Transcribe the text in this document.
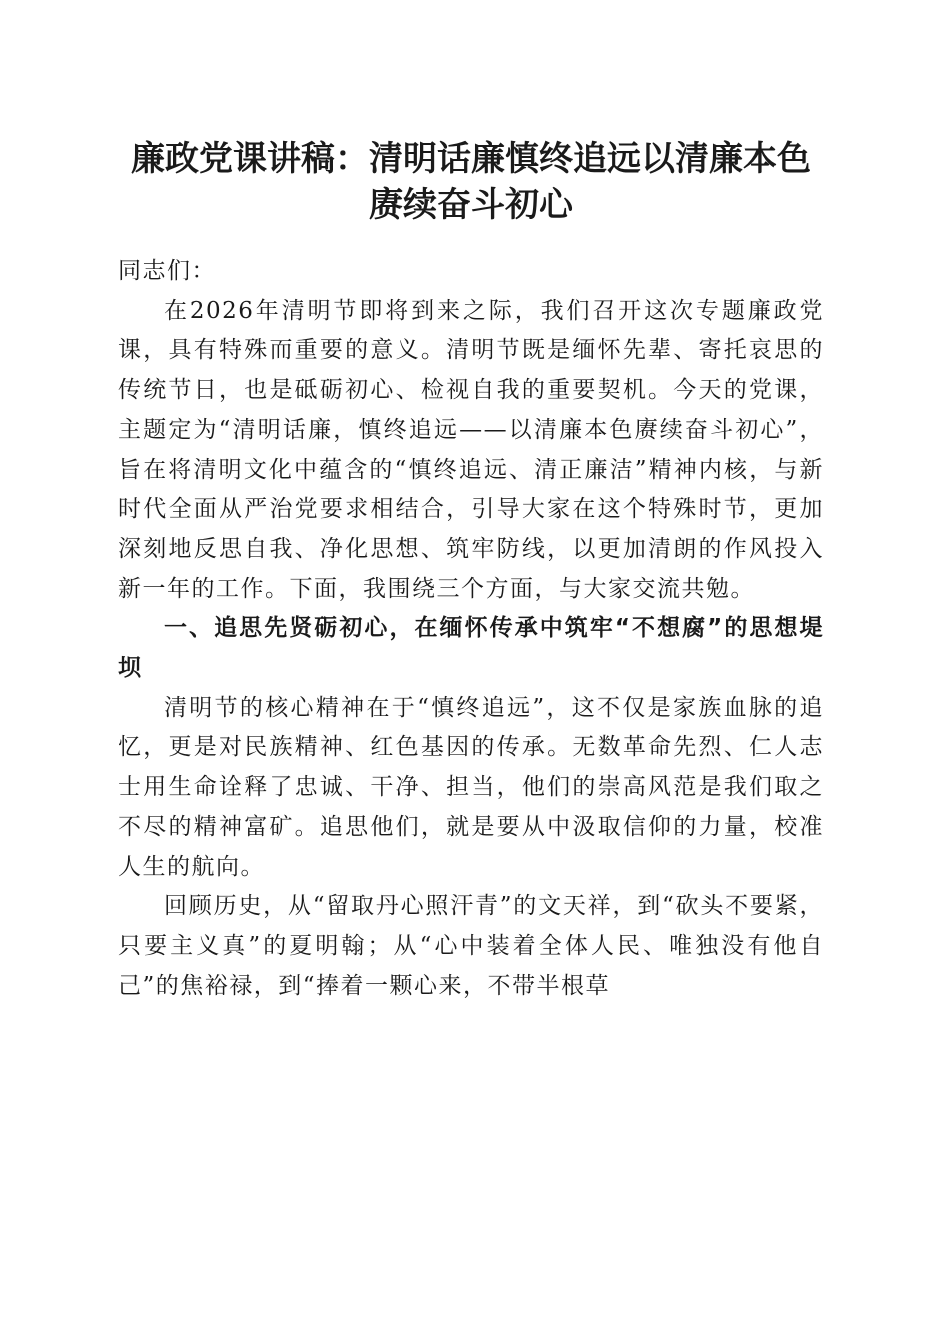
廉政党课讲稿：清明话廉慎终追远以清廉本色
赓续奋斗初心

同志们：

在2026年清明节即将到来之际，我们召开这次专题廉政党课，具有特殊而重要的意义。清明节既是缅怀先辈、寄托哀思的传统节日，也是砥砺初心、检视自我的重要契机。今天的党课，主题定为“清明话廉，慎终追远——以清廉本色赓续奋斗初心”，旨在将清明文化中蕴含的“慎终追远、清正廉洁”精神内核，与新时代全面从严治党要求相结合，引导大家在这个特殊时节，更加深刻地反思自我、净化思想、筑牢防线，以更加清朗的作风投入新一年的工作。下面，我围绕三个方面，与大家交流共勉。

一、追思先贤砺初心，在缅怀传承中筑牢“不想腐”的思想堤坝

清明节的核心精神在于“慎终追远”，这不仅是家族血脉的追忆，更是对民族精神、红色基因的传承。无数革命先烈、仁人志士用生命诠释了忠诚、干净、担当，他们的崇高风范是我们取之不尽的精神富矿。追思他们，就是要从中汲取信仰的力量，校准人生的航向。

回顾历史，从“留取丹心照汗青”的文天祥，到“砍头不要紧，只要主义真”的夏明翰；从“心中装着全体人民、唯独没有他自己”的焦裕禄，到“捧着一颗心来，不带半根草
